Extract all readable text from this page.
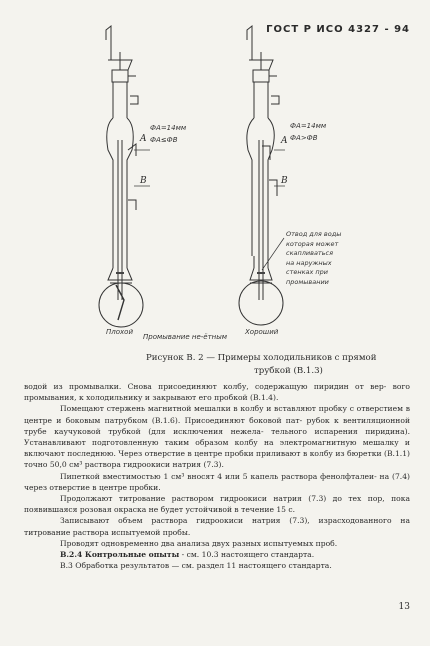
ГОСТ Р ИСО 4327 - 94
A
B
ФА=14мм
ФА≤ФВ	A
B
ФА=14мм
ФА>ФВ
Отвод для воды
которая может
скапливаться
на наружных
стенках при
промывании
Плохой	Хороший
Промывание не-ётным
Рисунок В. 2 — Примеры холодильников с прямой
трубкой (В.1.3)

водой из промывалки. Снова присоединяют колбу, содержащую пиридин от вер- вого промывания, к холодильнику и закрывают его пробкой (В.1.4).

Помещают стержень магнитной мешалки в колбу и вставляют пробку с отверстием в центре и боковым патрубком (В.1.6). Присоединяют боковой пат- рубок к вентиляционной трубе каучуковой трубкой (для исключения нежела- тельного испарения пиридина). Устанавливают подготовленную таким образом колбу на электромагнитную мешалку и включают последнюю. Через отверстие в центре пробки приливают в колбу из бюретки (В.1.1) точно 50,0 см³ раствора гидроокиси натрия (7.3).

Пипеткой вместимостью 1 см³ вносят 4 или 5 капель раствора фенолфталеи- на (7.4) через отверстие в центре пробки.

Продолжают титрование раствором гидроокиси натрия (7.3) до тех пор, пока появившаяся розовая окраска не будет устойчивой в течение 15 с.

Записывают объем раствора гидроокиси натрия (7.3), израсходованного на титрование раствора испытуемой пробы.

Проводят одновременно два анализа двух разных испытуемых проб.

В.2.4 Контрольные опыты - см. 10.3 настоящего стандарта.

В.3 Обработка результатов — см. раздел 11 настоящего стандарта.

13
